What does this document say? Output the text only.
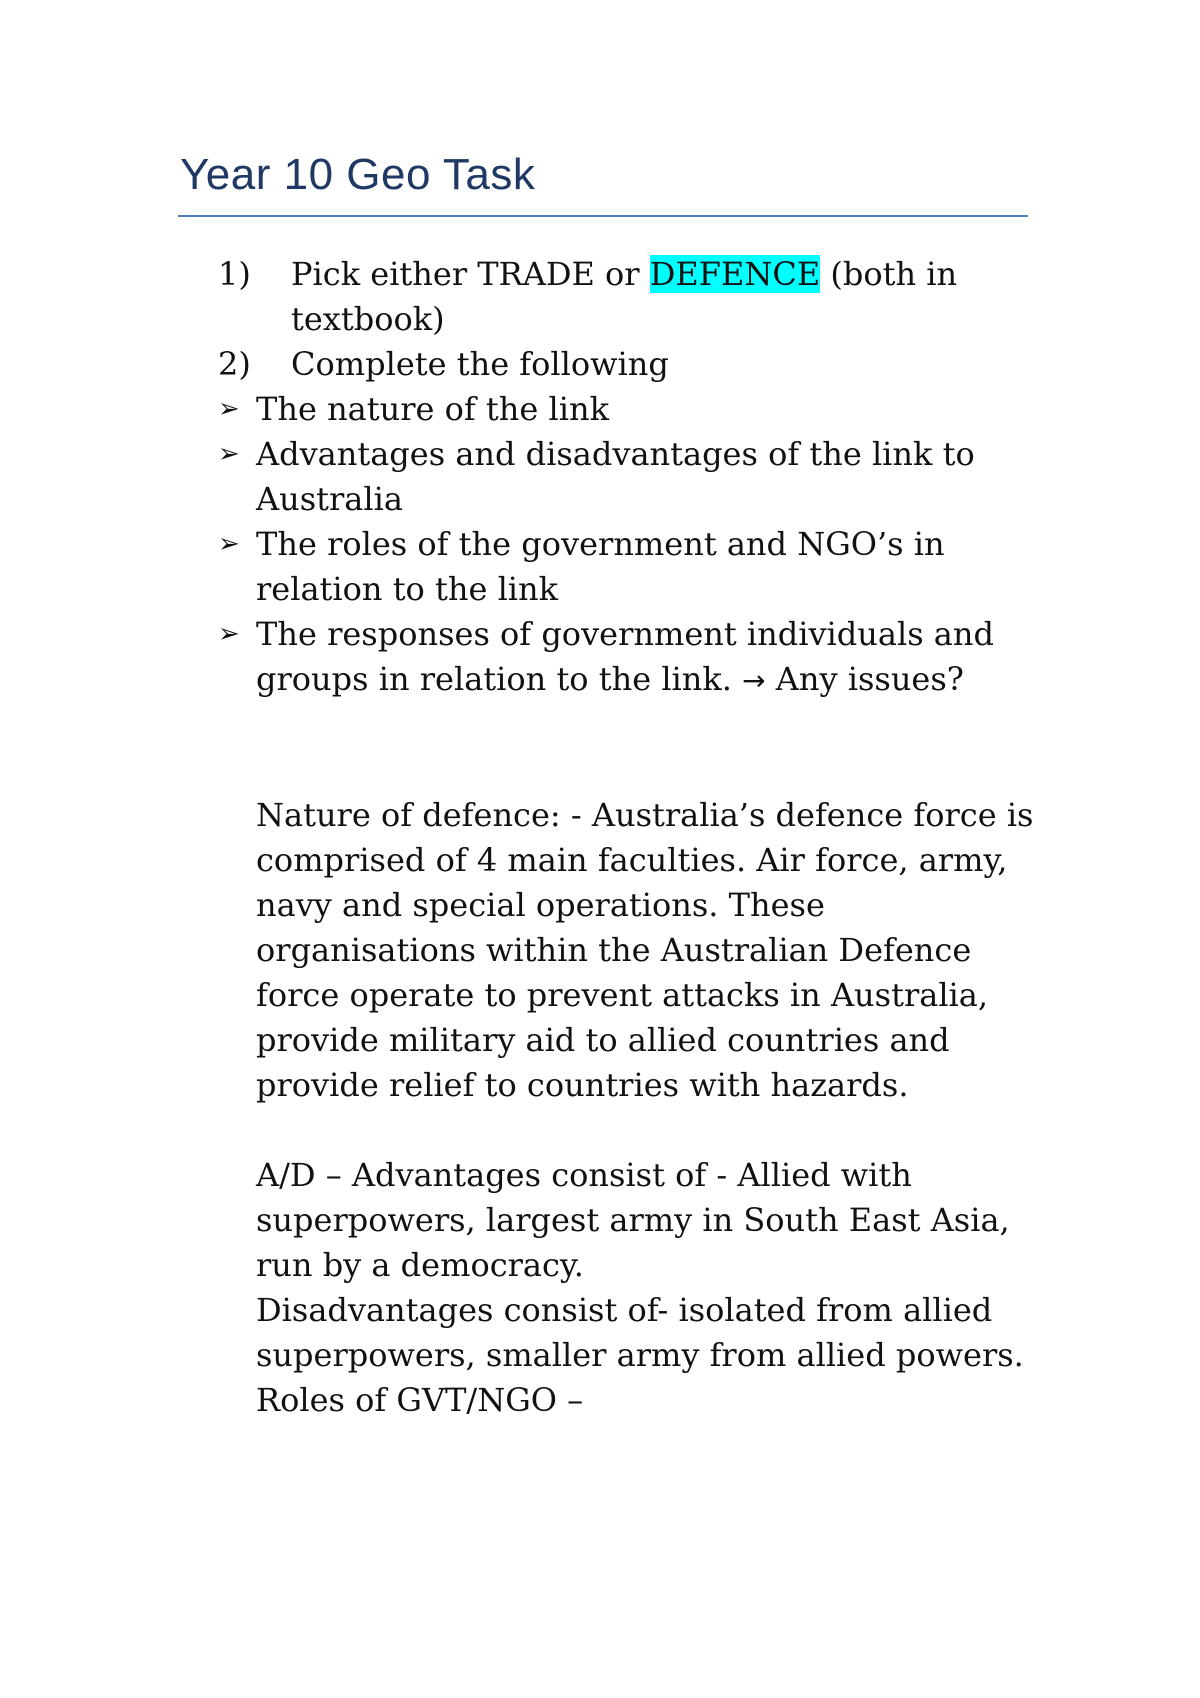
Year 10 Geo Task

1) Pick either TRADE or DEFENCE (both in textbook)

2) Complete the following

➢ The nature of the link

➢ Advantages and disadvantages of the link to Australia

➢ The roles of the government and NGO’s in relation to the link

➢ The responses of government individuals and groups in relation to the link. → Any issues?

Nature of defence: - Australia’s defence force is comprised of 4 main faculties. Air force, army, navy and special operations. These organisations within the Australian Defence force operate to prevent attacks in Australia, provide military aid to allied countries and provide relief to countries with hazards.

A/D – Advantages consist of - Allied with superpowers, largest army in South East Asia, run by a democracy.

Disadvantages consist of- isolated from allied superpowers, smaller army from allied powers.

Roles of GVT/NGO –
